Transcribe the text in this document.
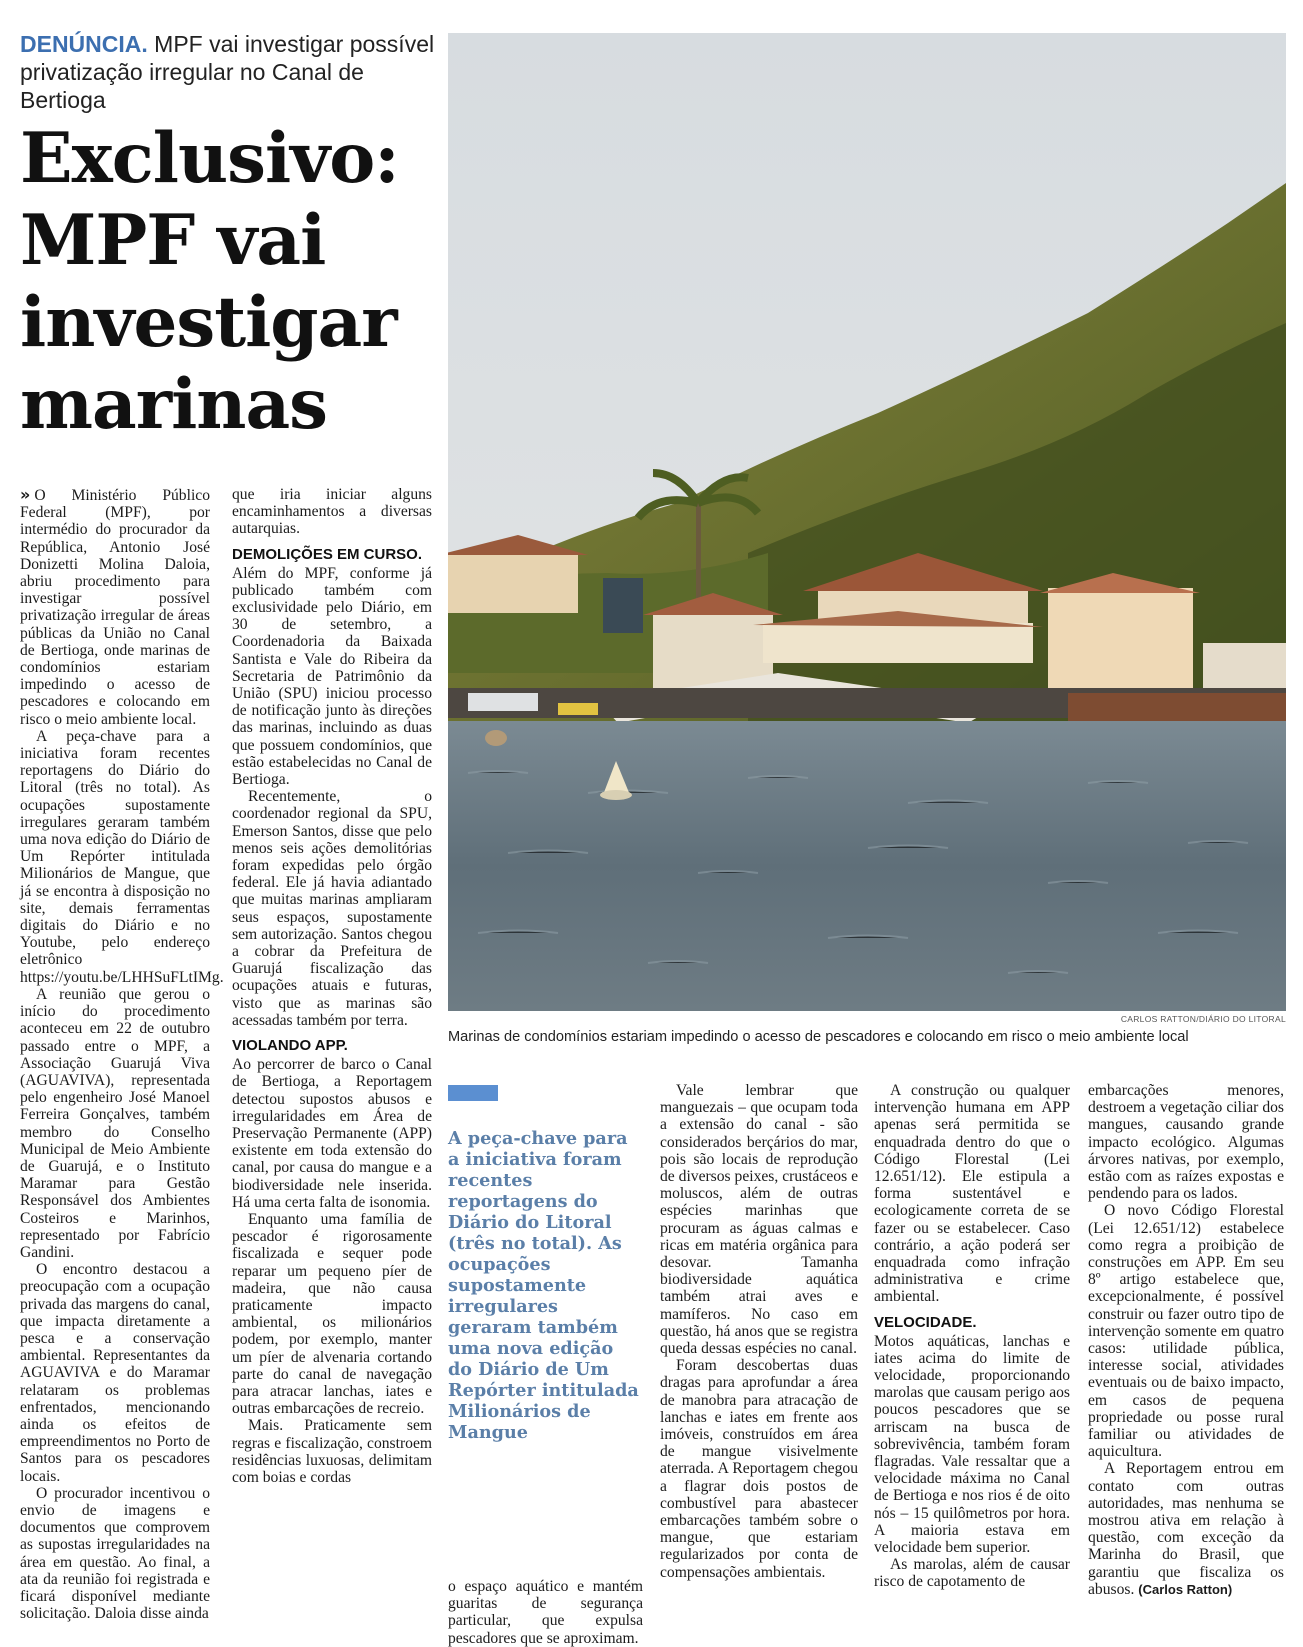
DENÚNCIA. MPF vai investigar possível privatização irregular no Canal de Bertioga
Exclusivo:
MPF vai
investigar
marinas

» O Ministério Público Federal (MPF), por intermédio do procurador da República, Antonio José Donizetti Molina Daloia, abriu procedimento para investigar possível privatização irregular de áreas públicas da União no Canal de Bertioga, onde marinas de condomínios estariam impedindo o acesso de pescadores e colocando em risco o meio ambiente local.

A peça-chave para a iniciativa foram recentes reportagens do Diário do Litoral (três no total). As ocupações supostamente irregulares geraram também uma nova edição do Diário de Um Repórter intitulada Milionários de Mangue, que já se encontra à disposição no site, demais ferramentas digitais do Diário e no Youtube, pelo endereço eletrônico https://youtu.be/LHHSuFLtIMg.

A reunião que gerou o início do procedimento aconteceu em 22 de outubro passado entre o MPF, a Associação Guarujá Viva (AGUAVIVA), representada pelo engenheiro José Manoel Ferreira Gonçalves, também membro do Conselho Municipal de Meio Ambiente de Guarujá, e o Instituto Maramar para Gestão Responsável dos Ambientes Costeiros e Marinhos, representado por Fabrício Gandini.

O encontro destacou a preocupação com a ocupação privada das margens do canal, que impacta diretamente a pesca e a conservação ambiental. Representantes da AGUAVIVA e do Maramar relataram os problemas enfrentados, mencionando ainda os efeitos de empreendimentos no Porto de Santos para os pescadores locais.

O procurador incentivou o envio de imagens e documentos que comprovem as supostas irregularidades na área em questão. Ao final, a ata da reunião foi registrada e ficará disponível mediante solicitação. Daloia disse ainda

que iria iniciar alguns encaminhamentos a diversas autarquias.

DEMOLIÇÕES EM CURSO.

Além do MPF, conforme já publicado também com exclusividade pelo Diário, em 30 de setembro, a Coordenadoria da Baixada Santista e Vale do Ribeira da Secretaria de Patrimônio da União (SPU) iniciou processo de notificação junto às direções das marinas, incluindo as duas que possuem condomínios, que estão estabelecidas no Canal de Bertioga.

Recentemente, o coordenador regional da SPU, Emerson Santos, disse que pelo menos seis ações demolitórias foram expedidas pelo órgão federal. Ele já havia adiantado que muitas marinas ampliaram seus espaços, supostamente sem autorização. Santos chegou a cobrar da Prefeitura de Guarujá fiscalização das ocupações atuais e futuras, visto que as marinas são acessadas também por terra.

VIOLANDO APP.

Ao percorrer de barco o Canal de Bertioga, a Reportagem detectou supostos abusos e irregularidades em Área de Preservação Permanente (APP) existente em toda extensão do canal, por causa do mangue e a biodiversidade nele inserida. Há uma certa falta de isonomia.

Enquanto uma família de pescador é rigorosamente fiscalizada e sequer pode reparar um pequeno píer de madeira, que não causa praticamente impacto ambiental, os milionários podem, por exemplo, manter um píer de alvenaria cortando parte do canal de navegação para atracar lanchas, iates e outras embarcações de recreio.

Mais. Praticamente sem regras e fiscalização, constroem residências luxuosas, delimitam com boias e cordas

CARLOS RATTON/DIÁRIO DO LITORAL
Marinas de condomínios estariam impedindo o acesso de pescadores e colocando em risco o meio ambiente local
A peça-chave para a iniciativa foram recentes reportagens do Diário do Litoral (três no total). As ocupações supostamente irregulares geraram também uma nova edição do Diário de Um Repórter intitulada Milionários de Mangue

o espaço aquático e mantém guaritas de segurança particular, que expulsa pescadores que se aproximam.

Vale lembrar que manguezais – que ocupam toda a extensão do canal - são considerados berçários do mar, pois são locais de reprodução de diversos peixes, crustáceos e moluscos, além de outras espécies marinhas que procuram as águas calmas e ricas em matéria orgânica para desovar. Tamanha biodiversidade aquática também atrai aves e mamíferos. No caso em questão, há anos que se registra queda dessas espécies no canal.

Foram descobertas duas dragas para aprofundar a área de manobra para atracação de lanchas e iates em frente aos imóveis, construídos em área de mangue visivelmente aterrada. A Reportagem chegou a flagrar dois postos de combustível para abastecer embarcações também sobre o mangue, que estariam regularizados por conta de compensações ambientais.

A construção ou qualquer intervenção humana em APP apenas será permitida se enquadrada dentro do que o Código Florestal (Lei 12.651/12). Ele estipula a forma sustentável e ecologicamente correta de se fazer ou se estabelecer. Caso contrário, a ação poderá ser enquadrada como infração administrativa e crime ambiental.

VELOCIDADE.

Motos aquáticas, lanchas e iates acima do limite de velocidade, proporcionando marolas que causam perigo aos poucos pescadores que se arriscam na busca de sobrevivência, também foram flagradas. Vale ressaltar que a velocidade máxima no Canal de Bertioga e nos rios é de oito nós – 15 quilômetros por hora. A maioria estava em velocidade bem superior.

As marolas, além de causar risco de capotamento de

embarcações menores, destroem a vegetação ciliar dos mangues, causando grande impacto ecológico. Algumas árvores nativas, por exemplo, estão com as raízes expostas e pendendo para os lados.

O novo Código Florestal (Lei 12.651/12) estabelece como regra a proibição de construções em APP. Em seu 8º artigo estabelece que, excepcionalmente, é possível construir ou fazer outro tipo de intervenção somente em quatro casos: utilidade pública, interesse social, atividades eventuais ou de baixo impacto, em casos de pequena propriedade ou posse rural familiar ou atividades de aquicultura.

A Reportagem entrou em contato com outras autoridades, mas nenhuma se mostrou ativa em relação à questão, com exceção da Marinha do Brasil, que garantiu que fiscaliza os abusos. (Carlos Ratton)
